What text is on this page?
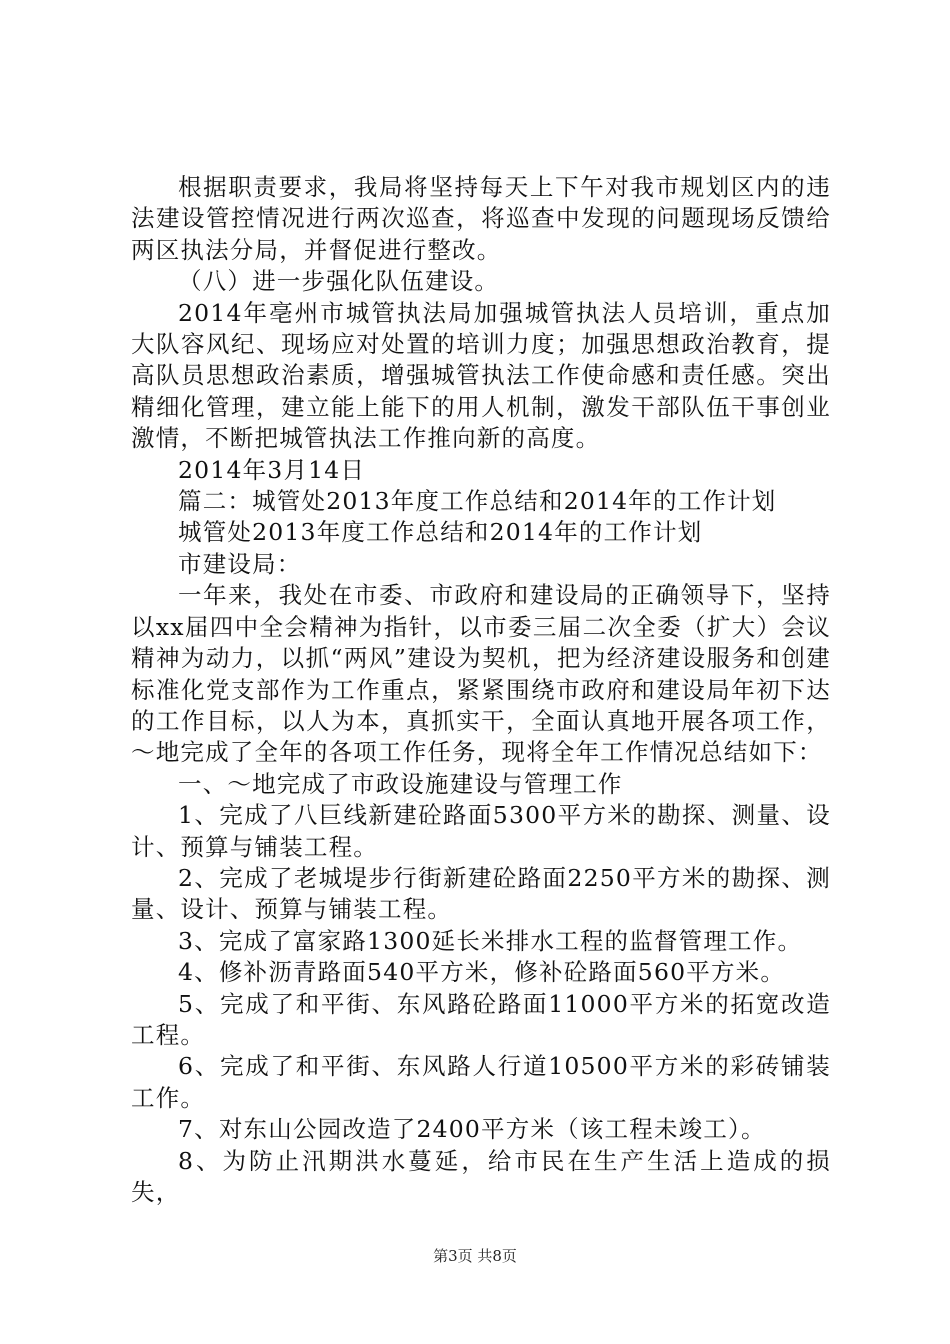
根据职责要求，我局将坚持每天上下午对我市规划区内的违法建设管控情况进行两次巡查，将巡查中发现的问题现场反馈给两区执法分局，并督促进行整改。

（八）进一步强化队伍建设。

2014年亳州市城管执法局加强城管执法人员培训，重点加大队容风纪、现场应对处置的培训力度；加强思想政治教育，提高队员思想政治素质，增强城管执法工作使命感和责任感。突出精细化管理，建立能上能下的用人机制，激发干部队伍干事创业激情，不断把城管执法工作推向新的高度。

2014年3月14日

篇二：城管处2013年度工作总结和2014年的工作计划

城管处2013年度工作总结和2014年的工作计划

市建设局：

一年来，我处在市委、市政府和建设局的正确领导下，坚持以xx届四中全会精神为指针，以市委三届二次全委（扩大）会议精神为动力，以抓“两风”建设为契机，把为经济建设服务和创建标准化党支部作为工作重点，紧紧围绕市政府和建设局年初下达的工作目标，以人为本，真抓实干，全面认真地开展各项工作，～地完成了全年的各项工作任务，现将全年工作情况总结如下：

一、～地完成了市政设施建设与管理工作

1、完成了八巨线新建砼路面5300平方米的勘探、测量、设计、预算与铺装工程。

2、完成了老城堤步行街新建砼路面2250平方米的勘探、测量、设计、预算与铺装工程。

3、完成了富家路1300延长米排水工程的监督管理工作。

4、修补沥青路面540平方米，修补砼路面560平方米。

5、完成了和平街、东风路砼路面11000平方米的拓宽改造工程。

6、完成了和平街、东风路人行道10500平方米的彩砖铺装工作。

7、对东山公园改造了2400平方米（该工程未竣工）。

8、为防止汛期洪水蔓延，给市民在生产生活上造成的损失，

第3页 共8页
